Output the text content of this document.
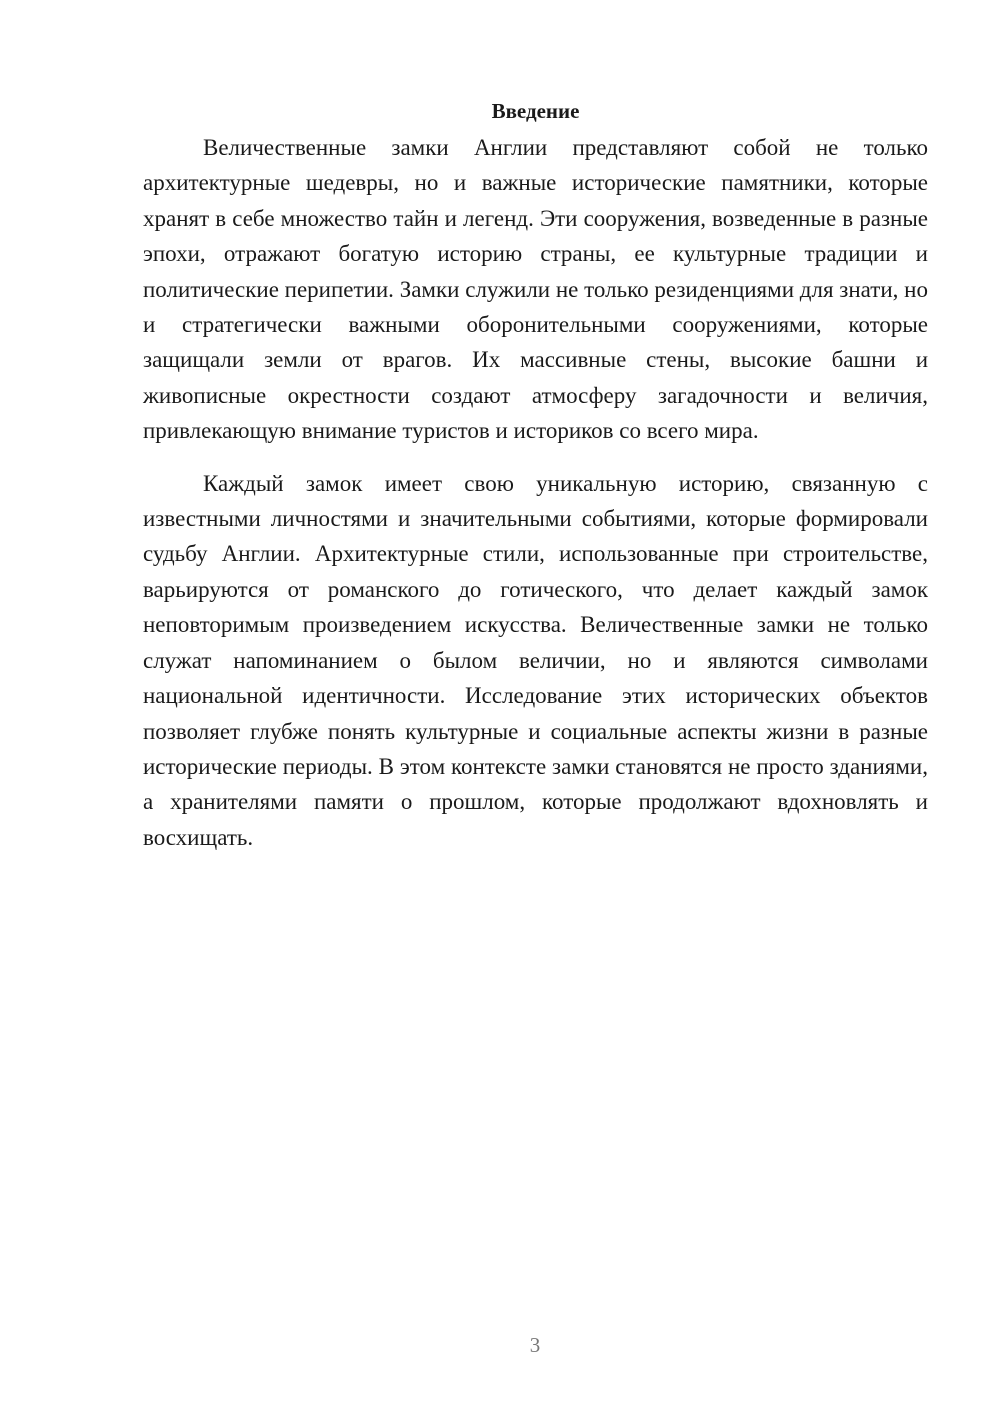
Введение

Величественные замки Англии представляют собой не только архитектурные шедевры, но и важные исторические памятники, которые хранят в себе множество тайн и легенд. Эти сооружения, возведенные в разные эпохи, отражают богатую историю страны, ее культурные традиции и политические перипетии. Замки служили не только резиденциями для знати, но и стратегически важными оборонительными сооружениями, которые защищали земли от врагов. Их массивные стены, высокие башни и живописные окрестности создают атмосферу загадочности и величия, привлекающую внимание туристов и историков со всего мира.

Каждый замок имеет свою уникальную историю, связанную с известными личностями и значительными событиями, которые формировали судьбу Англии. Архитектурные стили, использованные при строительстве, варьируются от романского до готического, что делает каждый замок неповторимым произведением искусства. Величественные замки не только служат напоминанием о былом величии, но и являются символами национальной идентичности. Исследование этих исторических объектов позволяет глубже понять культурные и социальные аспекты жизни в разные исторические периоды. В этом контексте замки становятся не просто зданиями, а хранителями памяти о прошлом, которые продолжают вдохновлять и восхищать.

3
